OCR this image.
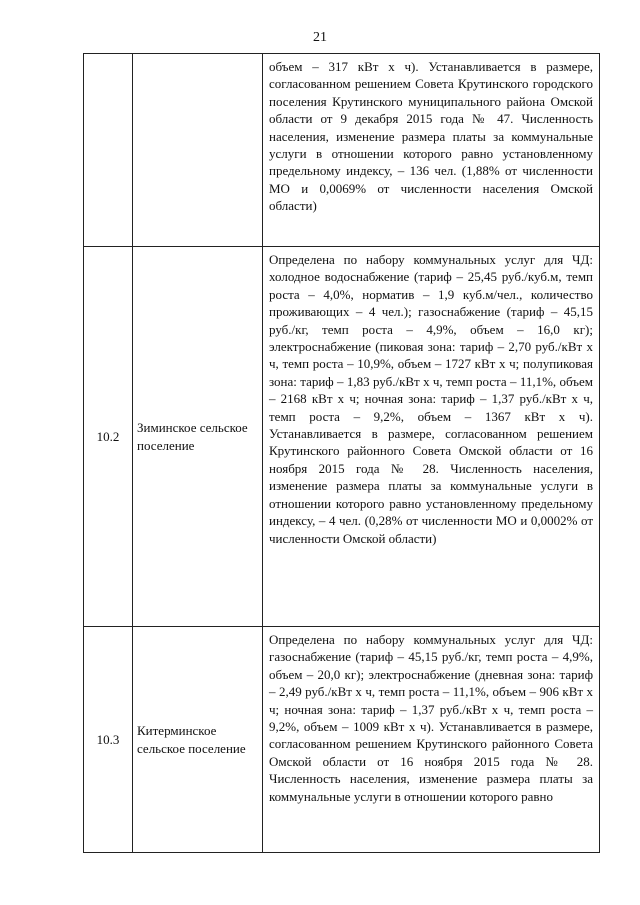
21

		объем – 317 кВт х ч). Устанавливается в размере, согласованном решением Совета Крутинского городского поселения Крутинского муниципального района Омской области от 9 декабря 2015 года № 47. Численность населения, изменение размера платы за коммунальные услуги в отношении которого равно установленному предельному индексу, – 136 чел. (1,88% от численности МО и 0,0069% от численности населения Омской области)

10.2	Зиминское сельское поселение	Определена по набору коммунальных услуг для ЧД: холодное водоснабжение (тариф – 25,45 руб./куб.м, темп роста – 4,0%, норматив – 1,9 куб.м/чел., количество проживающих – 4 чел.); газоснабжение (тариф – 45,15 руб./кг, темп роста – 4,9%, объем – 16,0 кг); электроснабжение (пиковая зона: тариф – 2,70 руб./кВт х ч, темп роста – 10,9%, объем – 1727 кВт х ч; полупиковая зона: тариф – 1,83 руб./кВт х ч, темп роста – 11,1%, объем – 2168 кВт х ч; ночная зона: тариф – 1,37 руб./кВт х ч, темп роста – 9,2%, объем – 1367 кВт х ч). Устанавливается в размере, согласованном решением Крутинского районного Совета Омской области от 16 ноября 2015 года № 28. Численность населения, изменение размера платы за коммунальные услуги в отношении которого равно установленному предельному индексу, – 4 чел. (0,28% от численности МО и 0,0002% от численности Омской области)

10.3	Китерминское сельское поселение	Определена по набору коммунальных услуг для ЧД: газоснабжение (тариф – 45,15 руб./кг, темп роста – 4,9%, объем – 20,0 кг); электроснабжение (дневная зона: тариф – 2,49 руб./кВт х ч, темп роста – 11,1%, объем – 906 кВт х ч; ночная зона: тариф – 1,37 руб./кВт х ч, темп роста – 9,2%, объем – 1009 кВт х ч). Устанавливается в размере, согласованном решением Крутинского районного Совета Омской области от 16 ноября 2015 года № 28. Численность населения, изменение размера платы за коммунальные услуги в отношении которого равно
